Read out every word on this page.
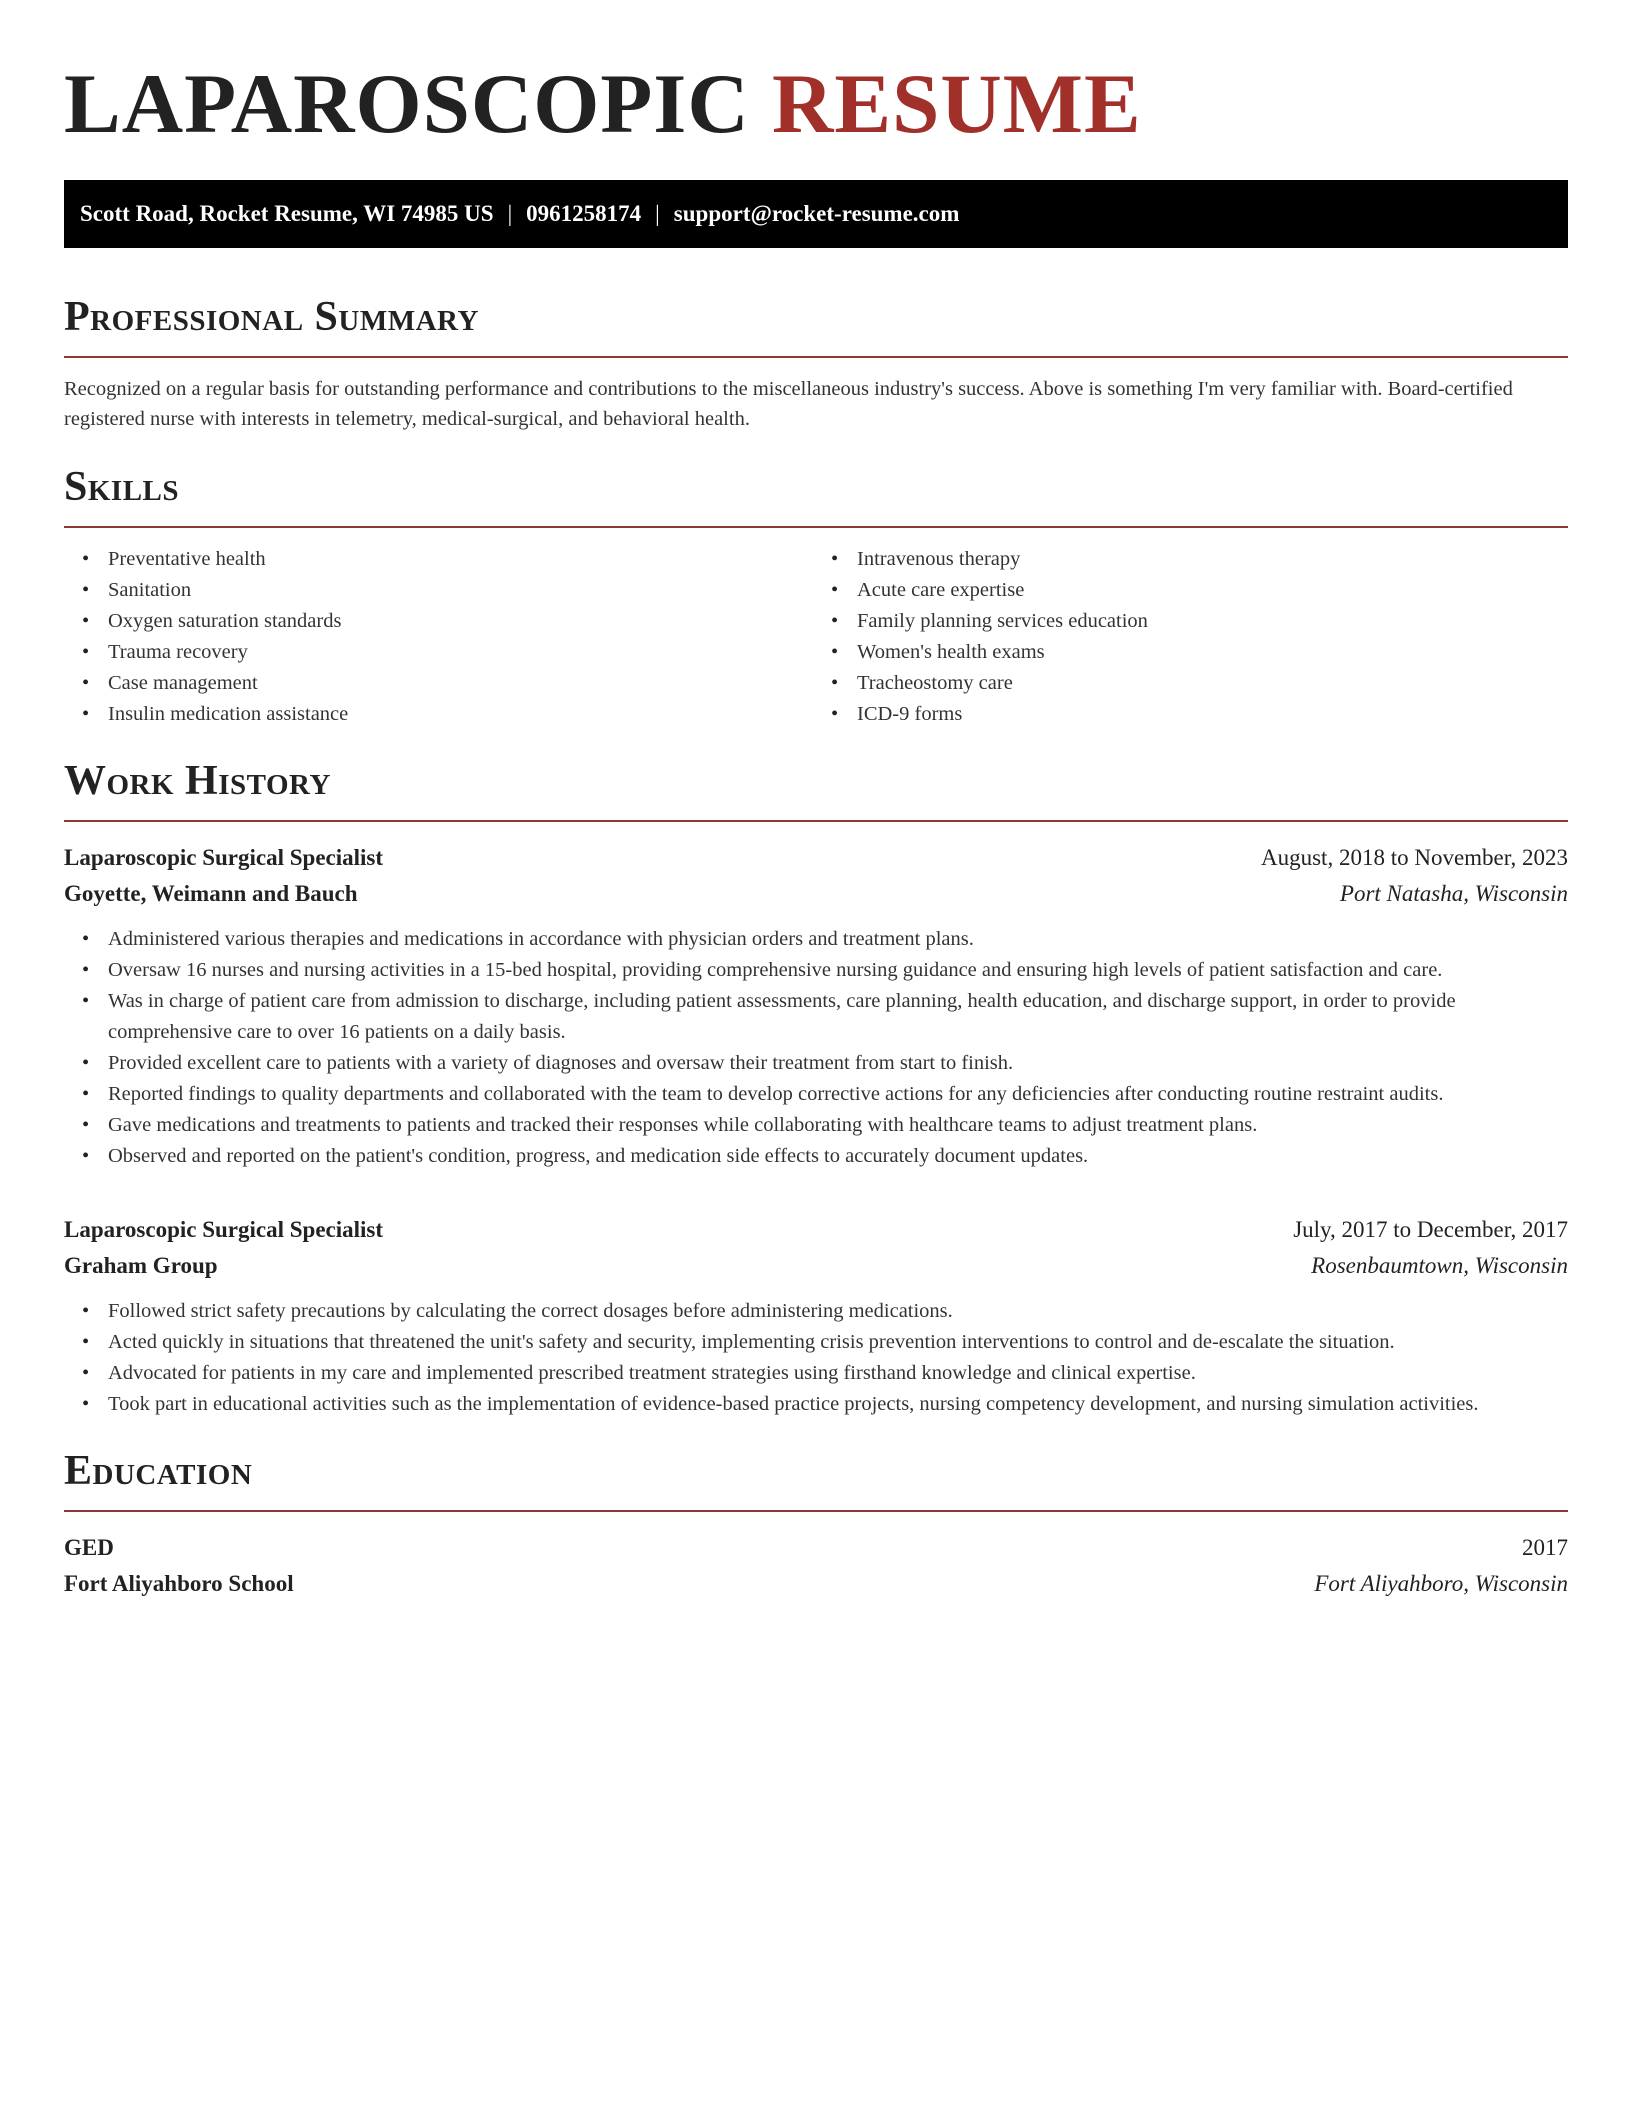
LAPAROSCOPIC RESUME
Scott Road, Rocket Resume, WI 74985 US | 0961258174 | support@rocket-resume.com
Professional Summary

Recognized on a regular basis for outstanding performance and contributions to the miscellaneous industry's success. Above is something I'm very familiar with. Board-certified registered nurse with interests in telemetry, medical-surgical, and behavioral health.

Skills
• Preventative health
• Sanitation
• Oxygen saturation standards
• Trauma recovery
• Case management
• Insulin medication assistance
• Intravenous therapy
• Acute care expertise
• Family planning services education
• Women's health exams
• Tracheostomy care
• ICD-9 forms
Work History
Laparoscopic Surgical Specialist	August, 2018 to November, 2023
Goyette, Weimann and Bauch	Port Natasha, Wisconsin
• Administered various therapies and medications in accordance with physician orders and treatment plans.
• Oversaw 16 nurses and nursing activities in a 15-bed hospital, providing comprehensive nursing guidance and ensuring high levels of patient satisfaction and care.
• Was in charge of patient care from admission to discharge, including patient assessments, care planning, health education, and discharge support, in order to provide comprehensive care to over 16 patients on a daily basis.
• Provided excellent care to patients with a variety of diagnoses and oversaw their treatment from start to finish.
• Reported findings to quality departments and collaborated with the team to develop corrective actions for any deficiencies after conducting routine restraint audits.
• Gave medications and treatments to patients and tracked their responses while collaborating with healthcare teams to adjust treatment plans.
• Observed and reported on the patient's condition, progress, and medication side effects to accurately document updates.
Laparoscopic Surgical Specialist	July, 2017 to December, 2017
Graham Group	Rosenbaumtown, Wisconsin
• Followed strict safety precautions by calculating the correct dosages before administering medications.
• Acted quickly in situations that threatened the unit's safety and security, implementing crisis prevention interventions to control and de-escalate the situation.
• Advocated for patients in my care and implemented prescribed treatment strategies using firsthand knowledge and clinical expertise.
• Took part in educational activities such as the implementation of evidence-based practice projects, nursing competency development, and nursing simulation activities.
Education
GED	2017
Fort Aliyahboro School	Fort Aliyahboro, Wisconsin
